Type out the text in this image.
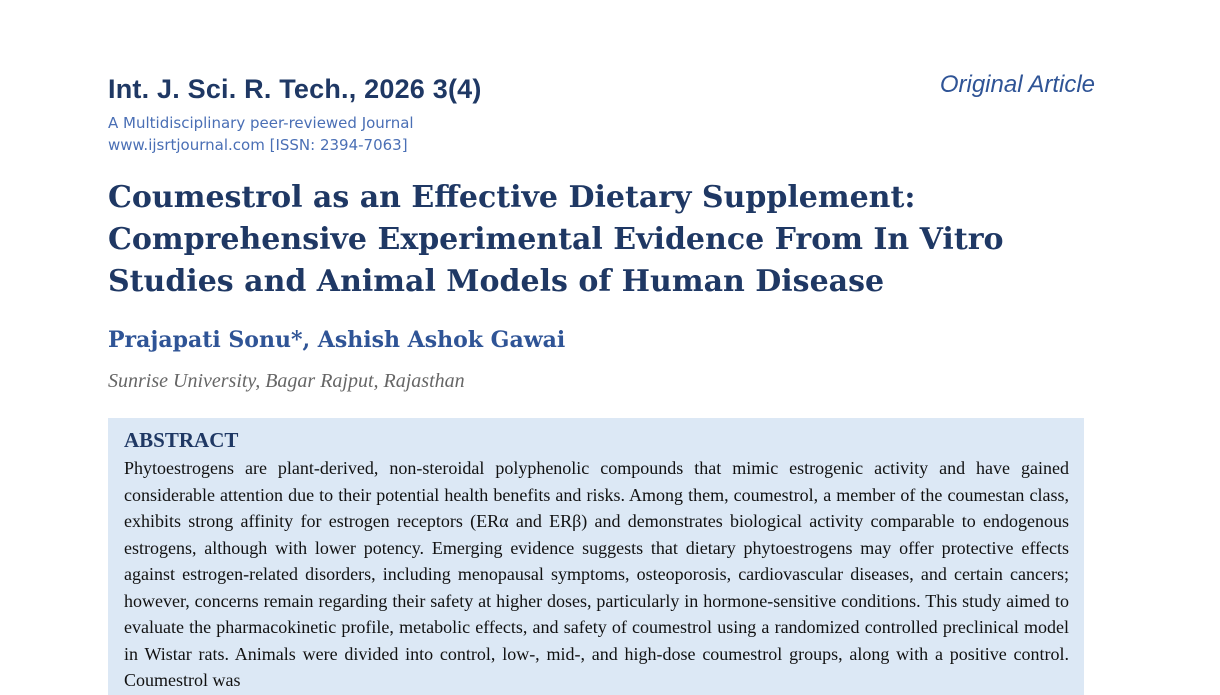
Int. J. Sci. R. Tech., 2026 3(4)	Original Article
A Multidisciplinary peer-reviewed Journal
www.ijsrtjournal.com [ISSN: 2394-7063]
Coumestrol as an Effective Dietary Supplement: Comprehensive Experimental Evidence From In Vitro Studies and Animal Models of Human Disease
Prajapati Sonu*, Ashish Ashok Gawai
Sunrise University, Bagar Rajput, Rajasthan
ABSTRACT

Phytoestrogens are plant-derived, non-steroidal polyphenolic compounds that mimic estrogenic activity and have gained considerable attention due to their potential health benefits and risks. Among them, coumestrol, a member of the coumestan class, exhibits strong affinity for estrogen receptors (ERα and ERβ) and demonstrates biological activity comparable to endogenous estrogens, although with lower potency. Emerging evidence suggests that dietary phytoestrogens may offer protective effects against estrogen-related disorders, including menopausal symptoms, osteoporosis, cardiovascular diseases, and certain cancers; however, concerns remain regarding their safety at higher doses, particularly in hormone-sensitive conditions. This study aimed to evaluate the pharmacokinetic profile, metabolic effects, and safety of coumestrol using a randomized controlled preclinical model in Wistar rats. Animals were divided into control, low-, mid-, and high-dose coumestrol groups, along with a positive control. Coumestrol was
